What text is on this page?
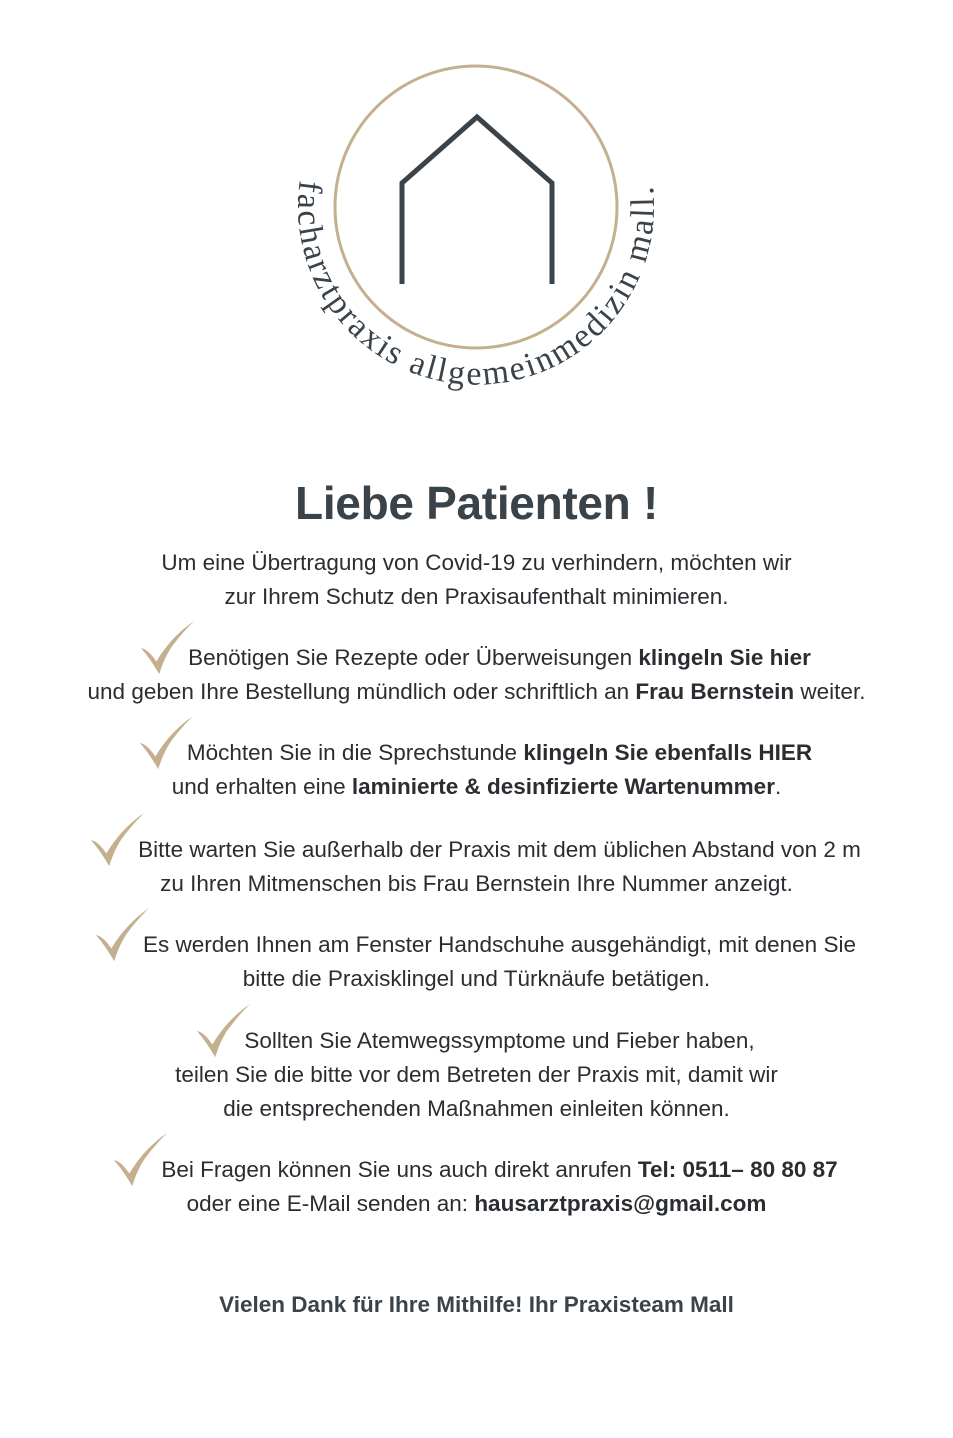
facharztpraxis allgemeinmedizin mall.
Liebe Patienten !
Um eine Übertragung von Covid-19 zu verhindern, möchten wir
zur Ihrem Schutz den Praxisaufenthalt minimieren.
Benötigen Sie Rezepte oder Überweisungen klingeln Sie hier
und geben Ihre Bestellung mündlich oder schriftlich an Frau Bernstein weiter.
Möchten Sie in die Sprechstunde klingeln Sie ebenfalls HIER
und erhalten eine laminierte & desinfizierte Wartenummer.
Bitte warten Sie außerhalb der Praxis mit dem üblichen Abstand von 2 m
zu Ihren Mitmenschen bis Frau Bernstein Ihre Nummer anzeigt.
Es werden Ihnen am Fenster Handschuhe ausgehändigt, mit denen Sie
bitte die Praxisklingel und Türknäufe betätigen.
Sollten Sie Atemwegssymptome und Fieber haben,
teilen Sie die bitte vor dem Betreten der Praxis mit, damit wir
die entsprechenden Maßnahmen einleiten können.
Bei Fragen können Sie uns auch direkt anrufen Tel: 0511– 80 80 87
oder eine E-Mail senden an: hausarztpraxis@gmail.com
Vielen Dank für Ihre Mithilfe! Ihr Praxisteam Mall
